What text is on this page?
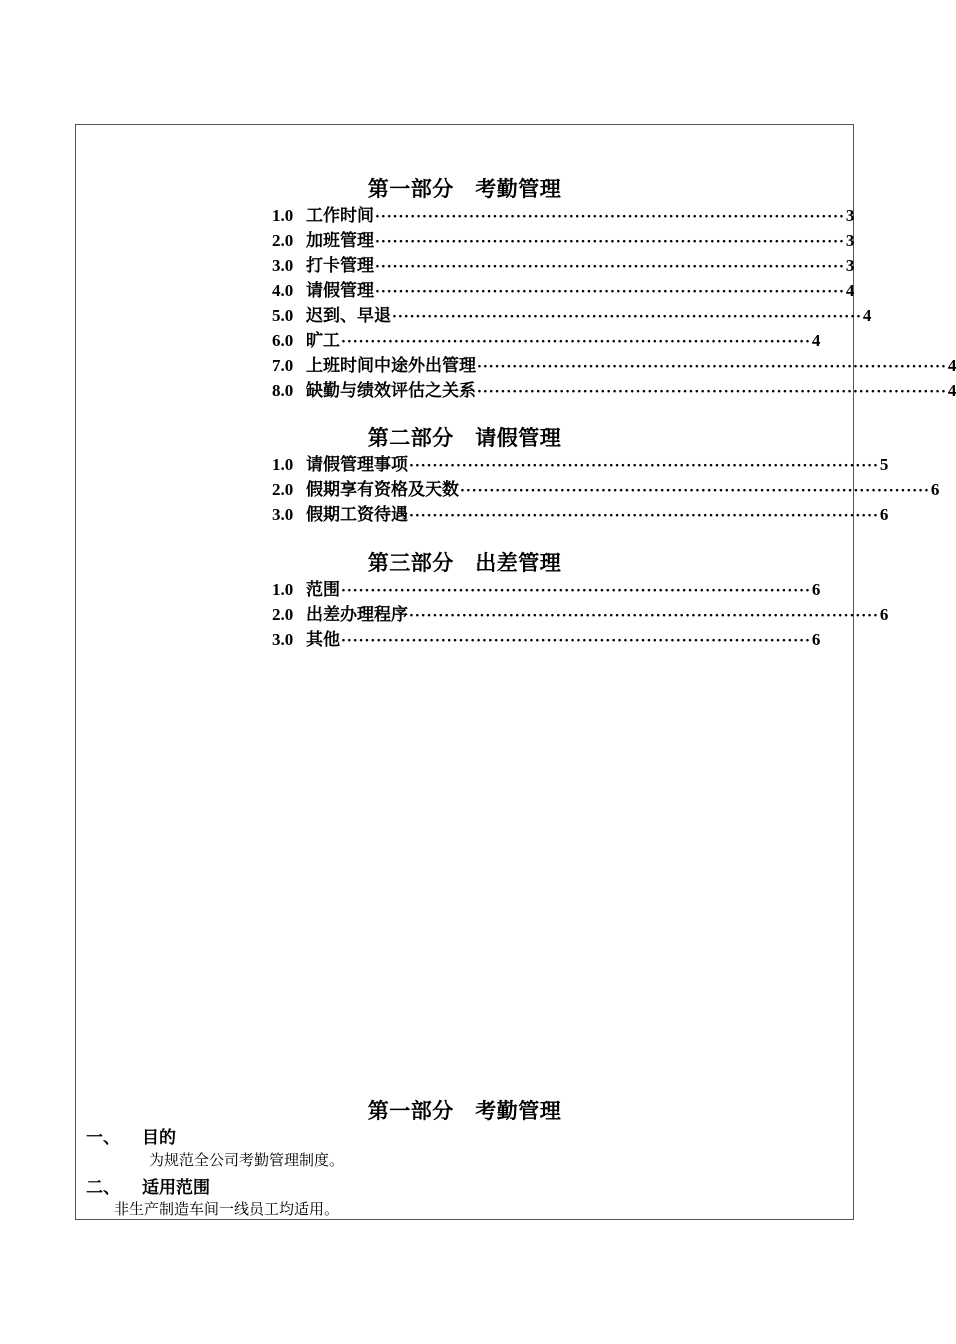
第一部分　考勤管理
1.0 工作时间 ················································································ 3
2.0 加班管理 ················································································ 3
3.0 打卡管理 ················································································ 3
4.0 请假管理 ················································································ 4
5.0 迟到、早退 ················································································ 4
6.0 旷工 ················································································ 4
7.0 上班时间中途外出管理 ················································································ 4
8.0 缺勤与绩效评估之关系 ················································································ 4
第二部分　请假管理
1.0 请假管理事项 ················································································ 5
2.0 假期享有资格及天数 ················································································ 6
3.0 假期工资待遇 ················································································ 6
第三部分　出差管理
1.0 范围 ················································································ 6
2.0 出差办理程序 ················································································ 6
3.0 其他 ················································································ 6
第一部分　考勤管理
一、 目的
为规范全公司考勤管理制度。
二、 适用范围
非生产制造车间一线员工均适用。
